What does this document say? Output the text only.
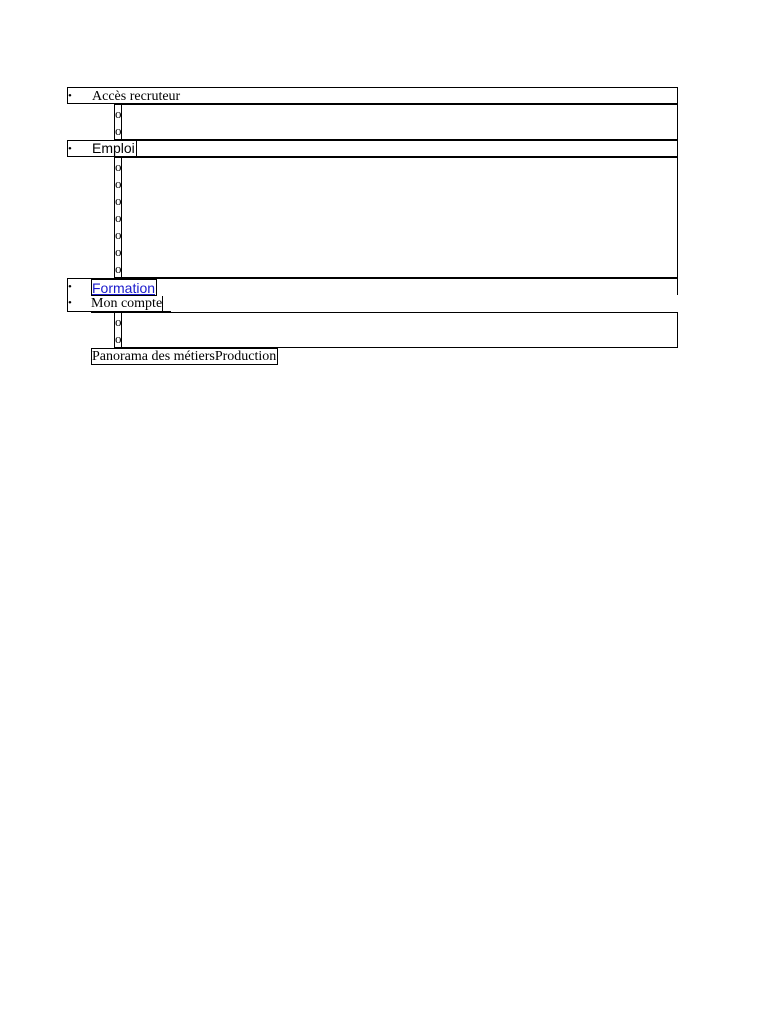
• Accès recruteur
o
o
• Emploi
o
o
o
o
o
o
o
• Formation
• Mon compte
o
o
Panorama des métiersProduction
